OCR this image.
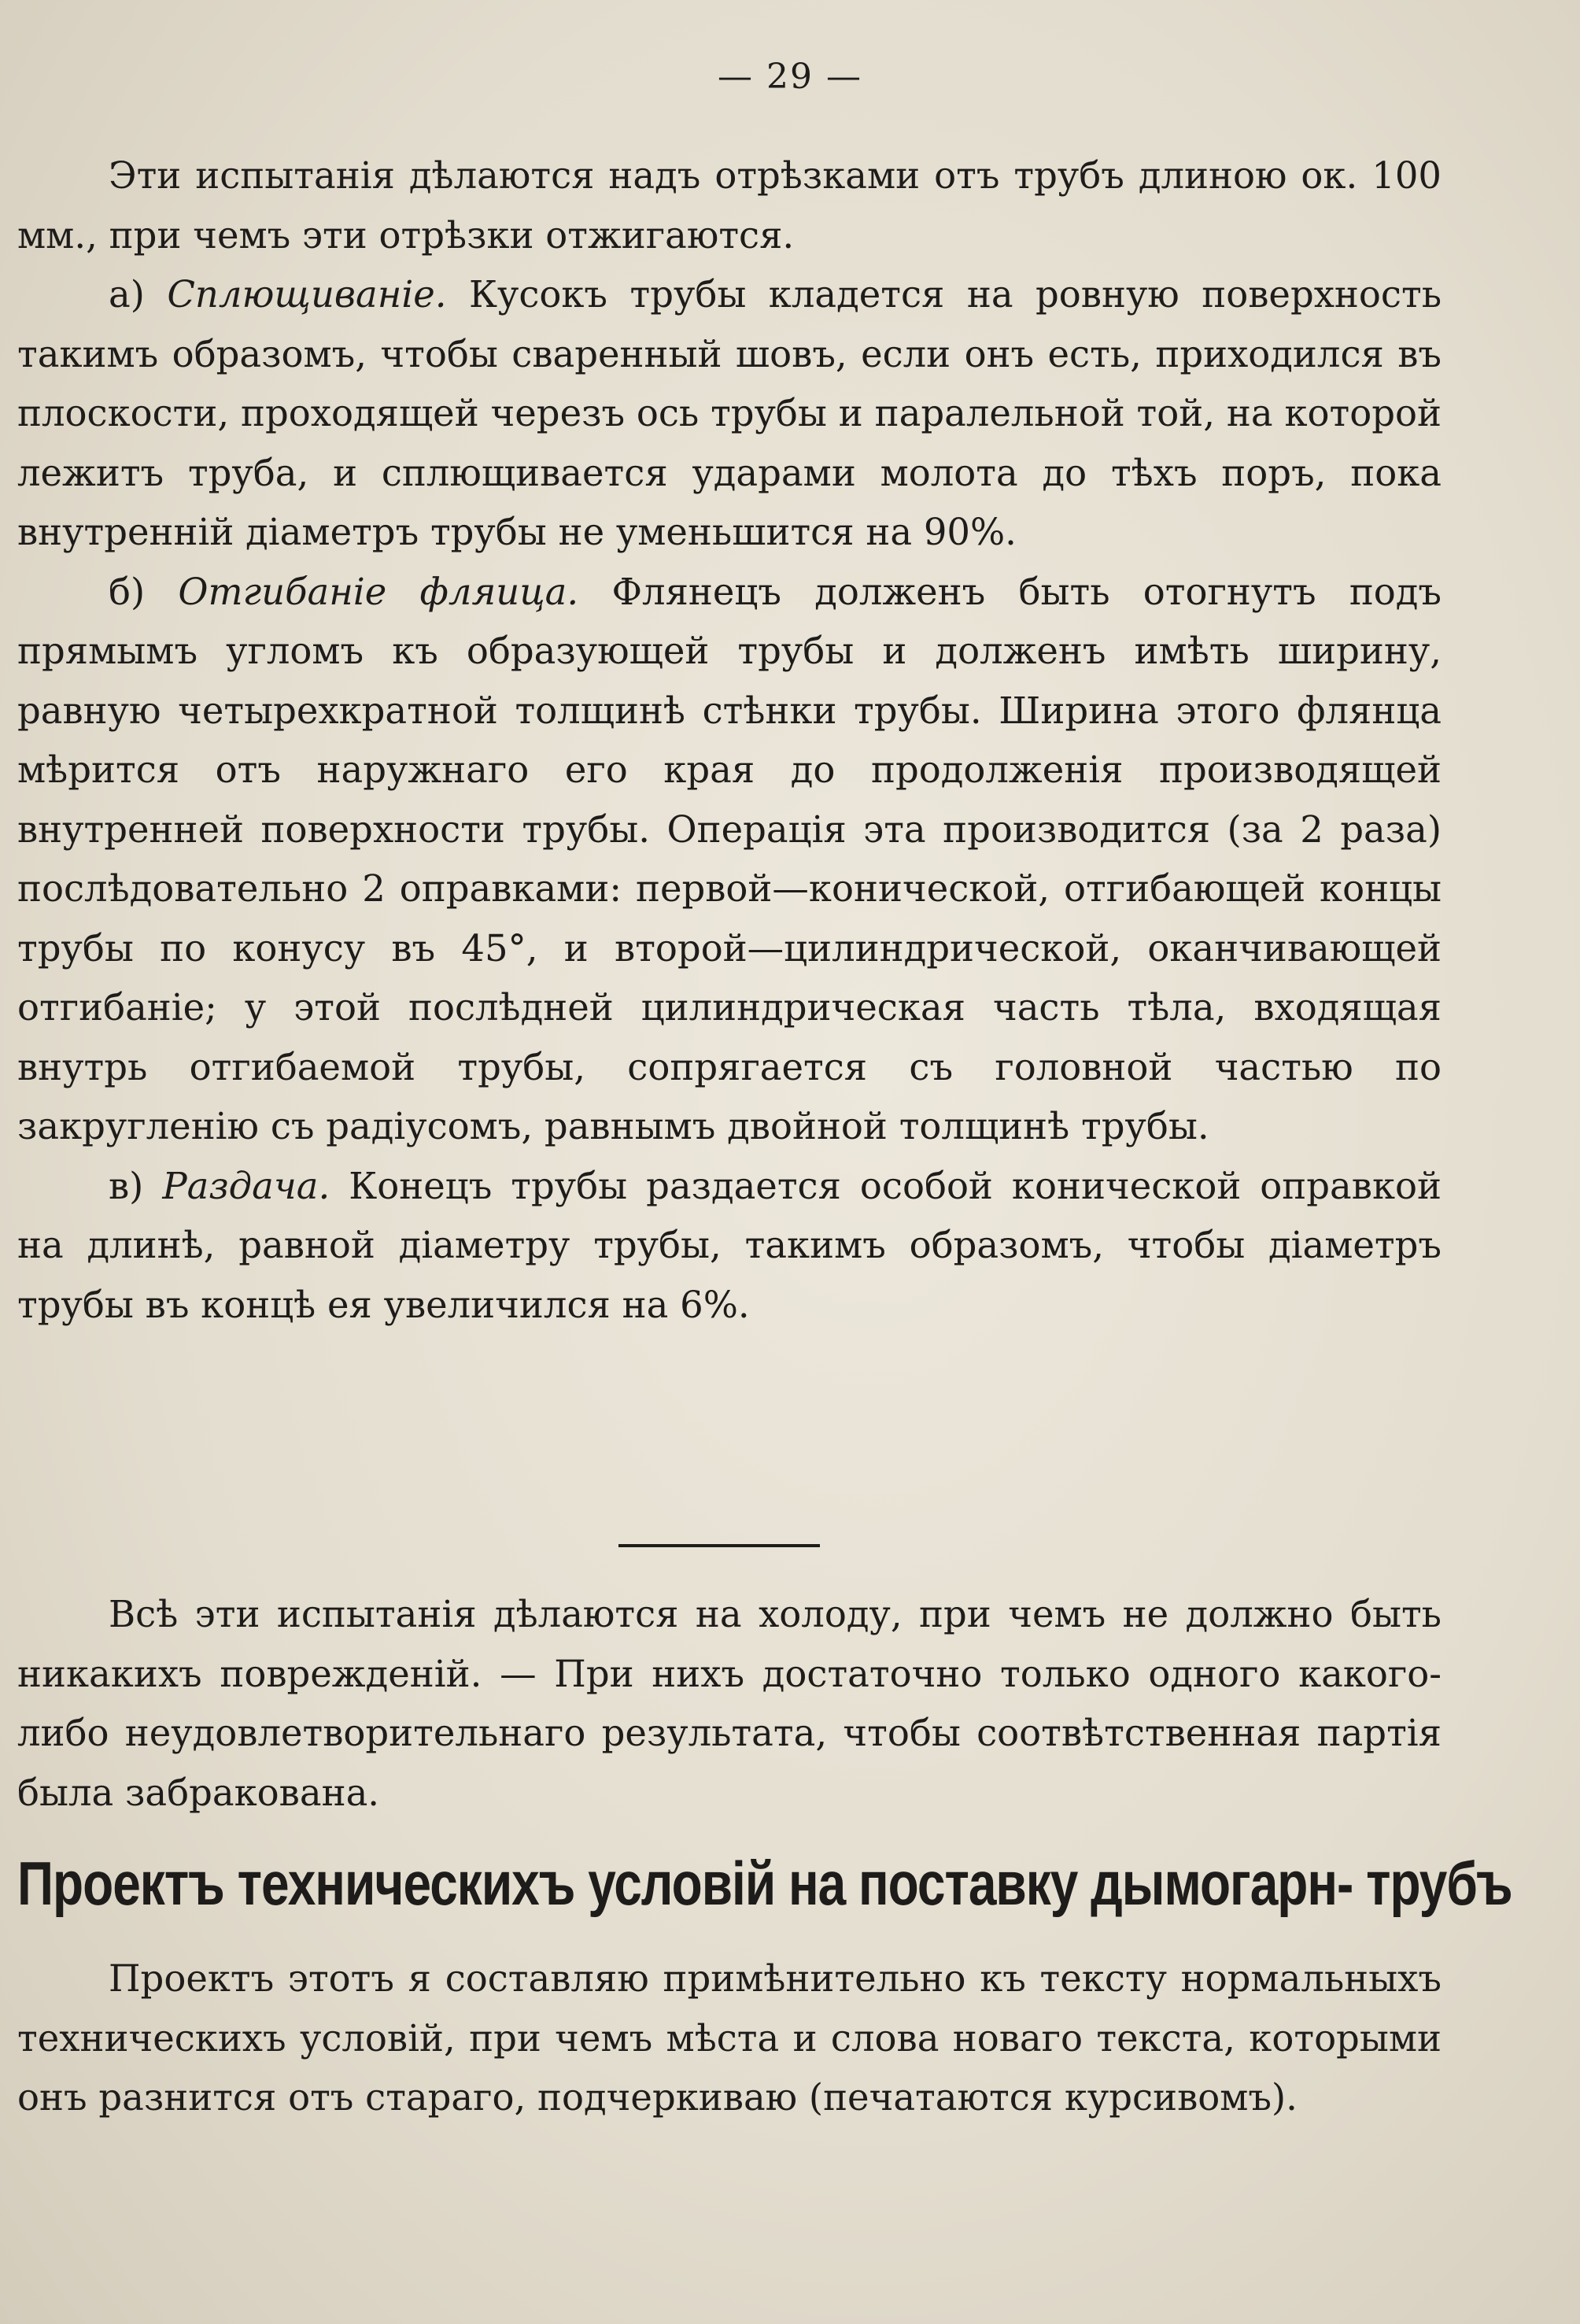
— 29 —

Эти испытанія дѣлаются надъ отрѣзками отъ трубъ длиною ок. 100 мм., при чемъ эти отрѣзки отжигаются.

а) Сплющиваніе. Кусокъ трубы кладется на ровную поверхность такимъ образомъ, чтобы сваренный шовъ, если онъ есть, приходился въ плоскости, проходящей черезъ ось трубы и паралельной той, на которой лежитъ труба, и сплющивается ударами молота до тѣхъ поръ, пока внутренній діаметръ трубы не уменьшится на 90%.

б) Отгибаніе фляица. Флянецъ долженъ быть отогнутъ подъ прямымъ угломъ къ образующей трубы и долженъ имѣть ширину, равную четырехкратной толщинѣ стѣнки трубы. Ширина этого флянца мѣрится отъ наружнаго его края до продолженія производящей внутренней поверхности трубы. Операція эта производится (за 2 раза) послѣдовательно 2 оправками: первой—конической, отгибающей концы трубы по конусу въ 45°, и второй—цилиндрической, оканчивающей отгибаніе; у этой послѣдней цилиндрическая часть тѣла, входящая внутрь отгибаемой трубы, сопрягается съ головной частью по закругленію съ радіусомъ, равнымъ двойной толщинѣ трубы.

в) Раздача. Конецъ трубы раздается особой конической оправкой на длинѣ, равной діаметру трубы, такимъ образомъ, чтобы діаметръ трубы въ концѣ ея увеличился на 6%.

Всѣ эти испытанія дѣлаются на холоду, при чемъ не должно быть никакихъ поврежденій. — При нихъ достаточно только одного какого-либо неудовлетворительнаго результата, чтобы соотвѣтственная партія была забракована.

Проектъ техническихъ условій на поставку дымогарн- трубъ

Проектъ этотъ я составляю примѣнительно къ тексту нормальныхъ техническихъ условій, при чемъ мѣста и слова новаго текста, которыми онъ разнится отъ стараго, подчеркиваю (печатаются курсивомъ).
